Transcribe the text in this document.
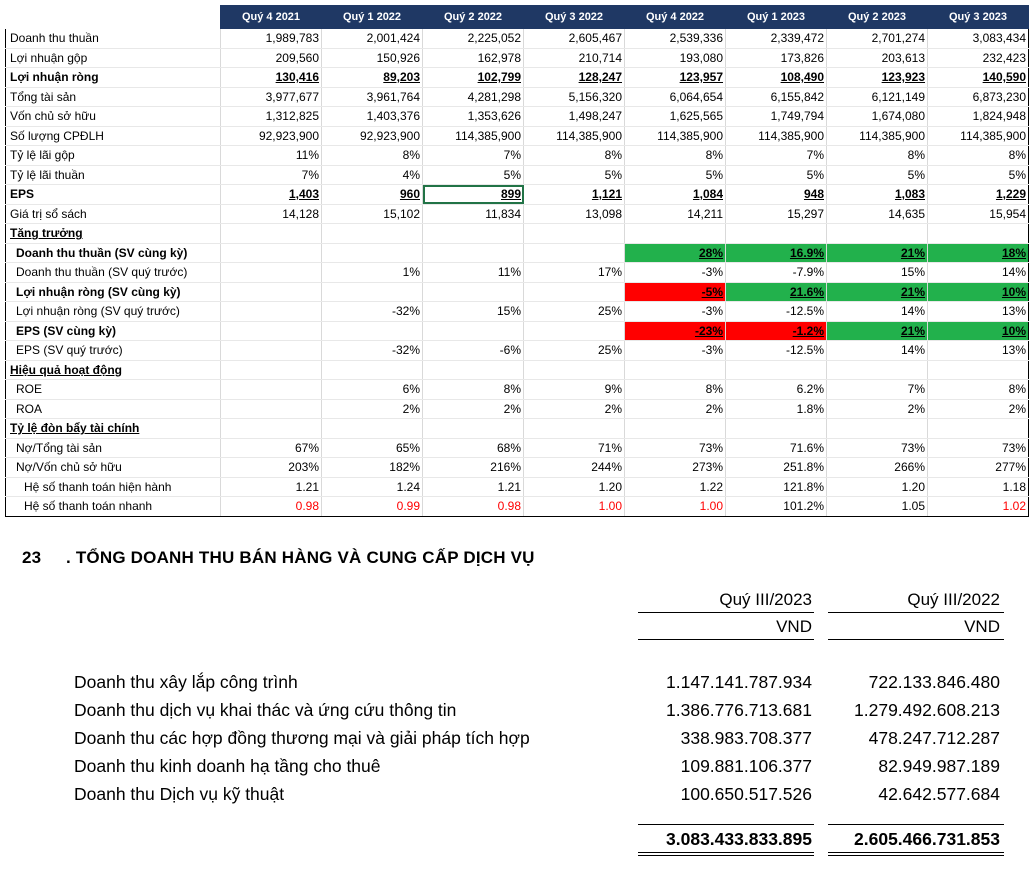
	Quý 4 2021	Quý 1 2022	Quý 2 2022	Quý 3 2022	Quý 4 2022	Quý 1 2023	Quý 2 2023	Quý 3 2023
Doanh thu thuần	1,989,783	2,001,424	2,225,052	2,605,467	2,539,336	2,339,472	2,701,274	3,083,434
Lợi nhuận gộp	209,560	150,926	162,978	210,714	193,080	173,826	203,613	232,423
Lợi nhuận ròng	130,416	89,203	102,799	128,247	123,957	108,490	123,923	140,590
Tổng tài sản	3,977,677	3,961,764	4,281,298	5,156,320	6,064,654	6,155,842	6,121,149	6,873,230
Vốn chủ sở hữu	1,312,825	1,403,376	1,353,626	1,498,247	1,625,565	1,749,794	1,674,080	1,824,948
Số lượng CPĐLH	92,923,900	92,923,900	114,385,900	114,385,900	114,385,900	114,385,900	114,385,900	114,385,900
Tỷ lệ lãi gộp	11%	8%	7%	8%	8%	7%	8%	8%
Tỷ lệ lãi thuần	7%	4%	5%	5%	5%	5%	5%	5%
EPS	1,403	960	899	1,121	1,084	948	1,083	1,229
Giá trị sổ sách	14,128	15,102	11,834	13,098	14,211	15,297	14,635	15,954
Tăng trưởng								
Doanh thu thuần (SV cùng kỳ)					28%	16.9%	21%	18%
Doanh thu thuần (SV quý trước)		1%	11%	17%	-3%	-7.9%	15%	14%
Lợi nhuận ròng (SV cùng kỳ)					-5%	21.6%	21%	10%
Lợi nhuận ròng (SV quý trước)		-32%	15%	25%	-3%	-12.5%	14%	13%
EPS (SV cùng kỳ)					-23%	-1.2%	21%	10%
EPS (SV quý trước)		-32%	-6%	25%	-3%	-12.5%	14%	13%
Hiệu quả hoạt động								
ROE		6%	8%	9%	8%	6.2%	7%	8%
ROA		2%	2%	2%	2%	1.8%	2%	2%
Tỷ lệ đòn bẩy tài chính								
Nợ/Tổng tài sản	67%	65%	68%	71%	73%	71.6%	73%	73%
Nợ/Vốn chủ sở hữu	203%	182%	216%	244%	273%	251.8%	266%	277%
Hệ số thanh toán hiện hành	1.21	1.24	1.21	1.20	1.22	121.8%	1.20	1.18
Hệ số thanh toán nhanh	0.98	0.99	0.98	1.00	1.00	101.2%	1.05	1.02
23 . TỔNG DOANH THU BÁN HÀNG VÀ CUNG CẤP DỊCH VỤ
Quý III/2023	Quý III/2022
VND	VND
Doanh thu xây lắp công trình	1.147.141.787.934	722.133.846.480
Doanh thu dịch vụ khai thác và ứng cứu thông tin	1.386.776.713.681	1.279.492.608.213
Doanh thu các hợp đồng thương mại và giải pháp tích hợp	338.983.708.377	478.247.712.287
Doanh thu kinh doanh hạ tầng cho thuê	109.881.106.377	82.949.987.189
Doanh thu Dịch vụ kỹ thuật	100.650.517.526	42.642.577.684
3.083.433.833.895	2.605.466.731.853
